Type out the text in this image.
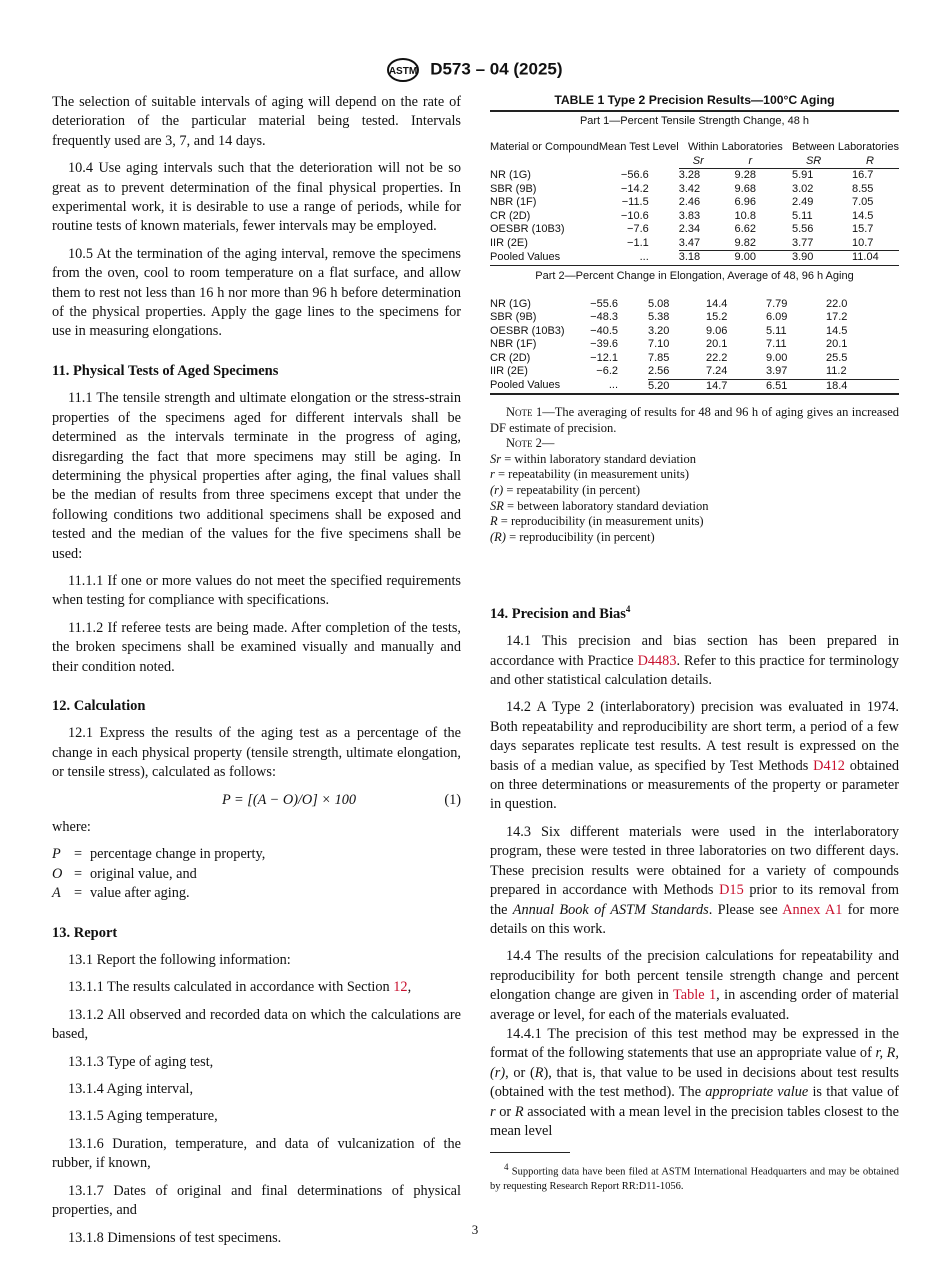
ASTM D573 – 04 (2025)

The selection of suitable intervals of aging will depend on the rate of deterioration of the particular material being tested. Intervals frequently used are 3, 7, and 14 days.

10.4 Use aging intervals such that the deterioration will not be so great as to prevent determination of the final physical properties. In experimental work, it is desirable to use a range of periods, while for routine tests of known materials, fewer intervals may be employed.

10.5 At the termination of the aging interval, remove the specimens from the oven, cool to room temperature on a flat surface, and allow them to rest not less than 16 h nor more than 96 h before determination of the physical properties. Apply the gage lines to the specimens for use in measuring elongations.

11. Physical Tests of Aged Specimens

11.1 The tensile strength and ultimate elongation or the stress-strain properties of the specimens aged for different intervals shall be determined as the intervals terminate in the progress of aging, disregarding the fact that more specimens may still be aging. In determining the physical properties after aging, the final values shall be the median of results from three specimens except that under the following conditions two additional specimens shall be exposed and tested and the median of the values for the five specimens shall be used:

11.1.1 If one or more values do not meet the specified requirements when testing for compliance with specifications.

11.1.2 If referee tests are being made. After completion of the tests, the broken specimens shall be examined visually and manually and their condition noted.

12. Calculation

12.1 Express the results of the aging test as a percentage of the change in each physical property (tensile strength, ultimate elongation, or tensile stress), calculated as follows:

P = [(A − O)/O] × 100	(1)

where:

P = percentage change in property,
O = original value, and
A = value after aging.
13. Report

13.1 Report the following information:

13.1.1 The results calculated in accordance with Section 12,

13.1.2 All observed and recorded data on which the calculations are based,

13.1.3 Type of aging test,

13.1.4 Aging interval,

13.1.5 Aging temperature,

13.1.6 Duration, temperature, and data of vulcanization of the rubber, if known,

13.1.7 Dates of original and final determinations of physical properties, and

13.1.8 Dimensions of test specimens.

TABLE 1 Type 2 Precision Results—100°C Aging
Part 1—Percent Tensile Strength Change, 48 h
Material or Compound	Mean Test Level	Within Laboratories		Between Laboratories	
		Sr	r	SR	R
NR (1G)	−56.6	3.28	9.28	5.91	16.7
SBR (9B)	−14.2	3.42	9.68	3.02	8.55
NBR (1F)	−11.5	2.46	6.96	2.49	7.05
CR (2D)	−10.6	3.83	10.8	5.11	14.5
OESBR (10B3)	−7.6	2.34	6.62	5.56	15.7
IIR (2E)	−1.1	3.47	9.82	3.77	10.7
Pooled Values	...	3.18	9.00	3.90	11.04
Part 2—Percent Change in Elongation, Average of 48, 96 h Aging
NR (1G)	−55.6	5.08	14.4	7.79	22.0
SBR (9B)	−48.3	5.38	15.2	6.09	17.2
OESBR (10B3)	−40.5	3.20	9.06	5.11	14.5
NBR (1F)	−39.6	7.10	20.1	7.11	20.1
CR (2D)	−12.1	7.85	22.2	9.00	25.5
IIR (2E)	−6.2	2.56	7.24	3.97	11.2
Pooled Values	...	5.20	14.7	6.51	18.4
Note 1—The averaging of results for 48 and 96 h of aging gives an increased DF estimate of precision.
Note 2—
Sr = within laboratory standard deviation
r = repeatability (in measurement units)
(r) = repeatability (in percent)
SR = between laboratory standard deviation
R = reproducibility (in measurement units)
(R) = reproducibility (in percent)
14. Precision and Bias$^4$

14.1 This precision and bias section has been prepared in accordance with Practice D4483. Refer to this practice for terminology and other statistical calculation details.

14.2 A Type 2 (interlaboratory) precision was evaluated in 1974. Both repeatability and reproducibility are short term, a period of a few days separates replicate test results. A test result is expressed on the basis of a median value, as specified by Test Methods D412 obtained on three determinations or measurements of the property or parameter in question.

14.3 Six different materials were used in the interlaboratory program, these were tested in three laboratories on two different days. These precision results were obtained for a variety of compounds prepared in accordance with Methods D15 prior to its removal from the Annual Book of ASTM Standards. Please see Annex A1 for more details on this work.

14.4 The results of the precision calculations for repeatability and reproducibility for both percent tensile strength change and percent elongation change are given in Table 1, in ascending order of material average or level, for each of the materials evaluated.

14.4.1 The precision of this test method may be expressed in the format of the following statements that use an appropriate value of r, R, (r), or (R), that is, that value to be used in decisions about test results (obtained with the test method). The appropriate value is that value of r or R associated with a mean level in the precision tables closest to the mean level

$^4$ Supporting data have been filed at ASTM International Headquarters and may be obtained by requesting Research Report RR:D11-1056.
3
